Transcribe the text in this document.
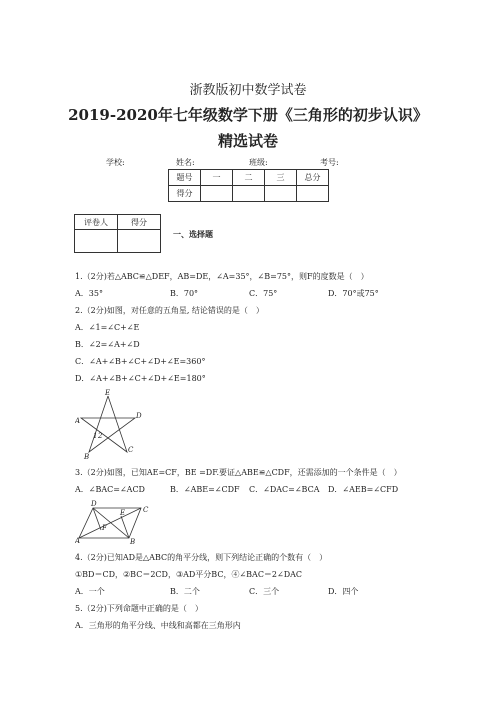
浙教版初中数学试卷
2019-2020年七年级数学下册《三角形的初步认识》
精选试卷
学校:	姓名:	班级:	考号:
题号	一	二	三	总分
得分				
评卷人	得分

一、选择题
1.（2分)若△ABC≌△DEF，AB=DE，∠A=35°，∠B=75°，则F的度数是（　）
A．35°	B．70°	C．75°	D．70°或75°
2.（2分)如图，对任意的五角星, 结论错误的是（　）
A．∠1=∠C+∠E
B．∠2=∠A+∠D
C．∠A+∠B+∠C+∠D+∠E=360°
D．∠A+∠B+∠C+∠D+∠E=180°
E
D
A
1 2
C
B
3.（2分)如图，已知AE=CF，BE =DF.要证△ABE≌△CDF，还需添加的一个条件是（　）
A．∠BAC=∠ACD	B．∠ABE=∠CDF C．∠DAC=∠BCA D．∠AEB=∠CFD
D
C
E
F
A	B
4.（2分)已知AD是△ABC的角平分线，则下列结论正确的个数有（　）
①BD＝CD，②BC＝2CD，③AD平分BC，④∠BAC＝2∠DAC
A．一个	B．二个	C．三个	D．四个
5.（2分)下列命题中正确的是（　）
A．三角形的角平分线、中线和高都在三角形内
